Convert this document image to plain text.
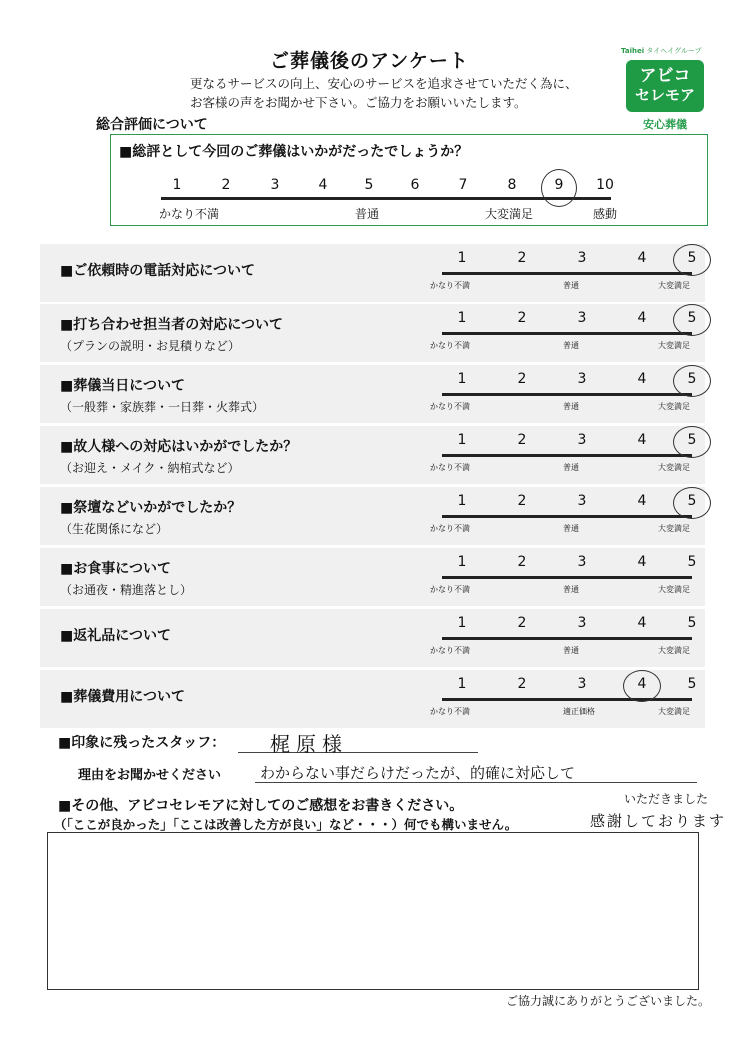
ご葬儀後のアンケート
更なるサービスの向上、安心のサービスを追求させていただく為に、
お客様の声をお聞かせ下さい。ご協力をお願いいたします。
Taihei タイヘイグループ
アビコ
セレモア
安心葬儀
総合評価について
■総評として今回のご葬儀はいかがだったでしょうか？
1	2	3	4	5	6	7	8	9	10
かなり不満	普通	大変満足	感動
■ご依頼時の電話対応について
1	2	3	4	5
かなり不満	普通	大変満足
■打ち合わせ担当者の対応について
（プランの説明・お見積りなど）
1	2	3	4	5
かなり不満	普通	大変満足
■葬儀当日について
（一般葬・家族葬・一日葬・火葬式）
1	2	3	4	5
かなり不満	普通	大変満足
■故人様への対応はいかがでしたか？
（お迎え・メイク・納棺式など）
1	2	3	4	5
かなり不満	普通	大変満足
■祭壇などいかがでしたか？
（生花関係になど）
1	2	3	4	5
かなり不満	普通	大変満足
■お食事について
（お通夜・精進落とし）
1	2	3	4	5
かなり不満	普通	大変満足
■返礼品について
1	2	3	4	5
かなり不満	普通	大変満足
■葬儀費用について
1	2	3	4	5
かなり不満	適正価格	大変満足
■印象に残ったスタッフ： 梶原様
理由をお聞かせください	わからない事だらけだったが、的確に対応して
■その他、アビコセレモアに対してのご感想をお書きください。
（「ここが良かった」「ここは改善した方が良い」など・・・）何でも構いません。
いただきました
感謝しております
ご協力誠にありがとうございました。
